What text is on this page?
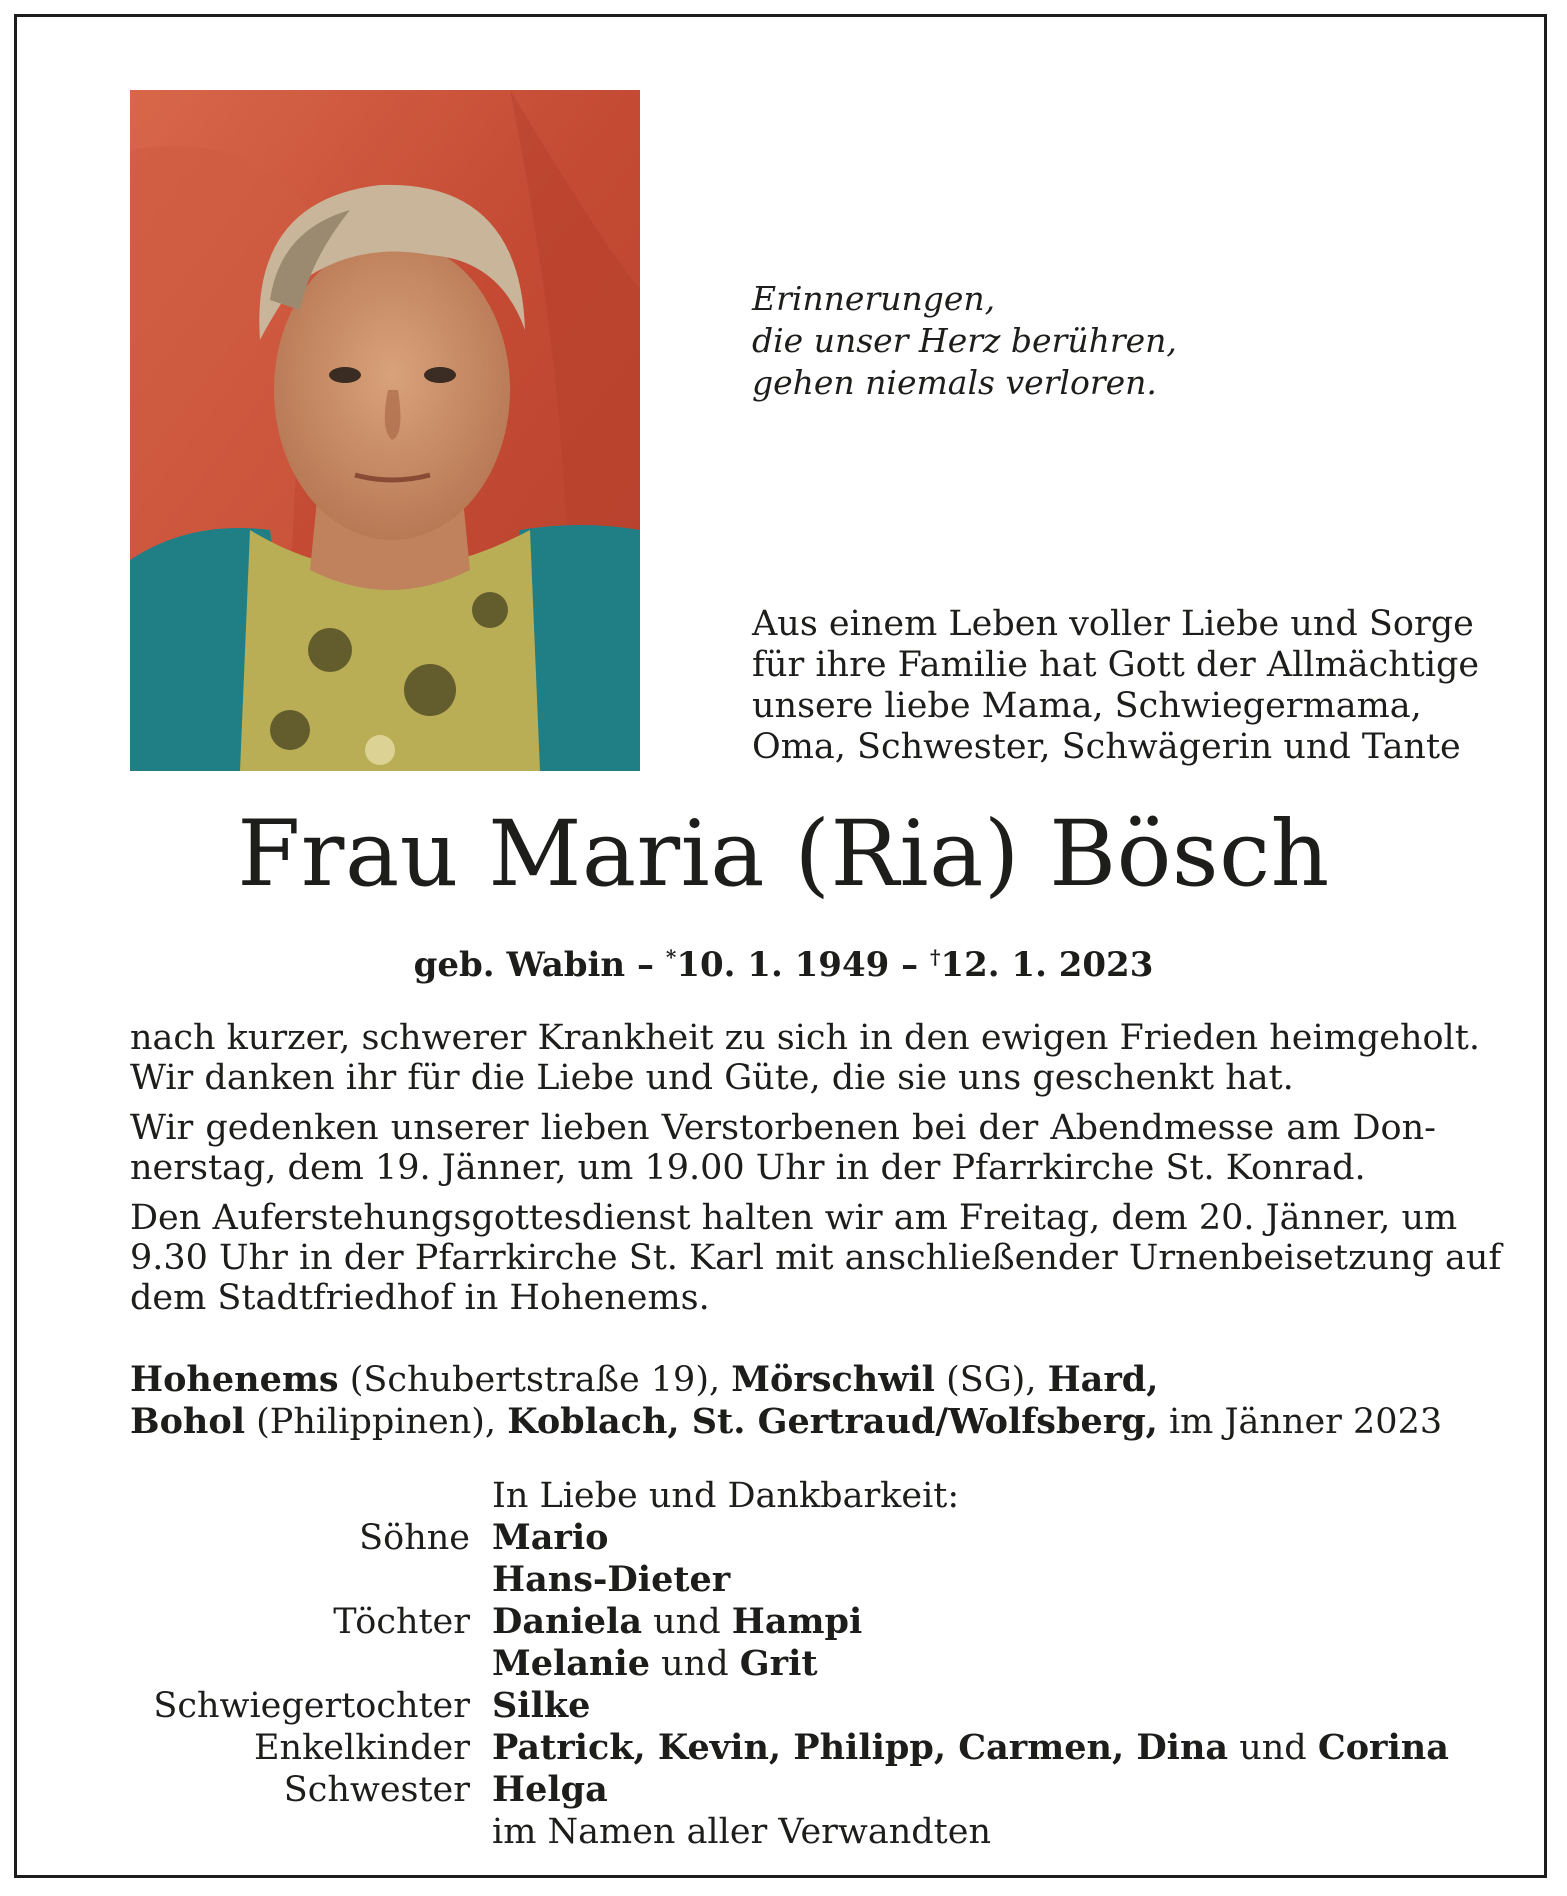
Erinnerungen,
die unser Herz berühren,
gehen niemals verloren.
Aus einem Leben voller Liebe und Sorge
für ihre Familie hat Gott der Allmächtige
unsere liebe Mama, Schwiegermama,
Oma, Schwester, Schwägerin und Tante
Frau Maria (Ria) Bösch
geb. Wabin – *10. 1. 1949 – †12. 1. 2023
nach kurzer, schwerer Krankheit zu sich in den ewigen Frieden heimgeholt.
Wir danken ihr für die Liebe und Güte, die sie uns geschenkt hat.
Wir gedenken unserer lieben Verstorbenen bei der Abendmesse am Don-
nerstag, dem 19. Jänner, um 19.00 Uhr in der Pfarrkirche St. Konrad.
Den Auferstehungsgottesdienst halten wir am Freitag, dem 20. Jänner, um
9.30 Uhr in der Pfarrkirche St. Karl mit anschließender Urnenbeisetzung auf
dem Stadtfriedhof in Hohenems.
Hohenems (Schubertstraße 19), Mörschwil (SG), Hard,
Bohol (Philippinen), Koblach, St. Gertraud/Wolfsberg, im Jänner 2023
In Liebe und Dankbarkeit:
Söhne Mario
Hans-Dieter
Töchter Daniela und Hampi
Melanie und Grit
Schwiegertochter Silke
Enkelkinder Patrick, Kevin, Philipp, Carmen, Dina und Corina
Schwester Helga
im Namen aller Verwandten
